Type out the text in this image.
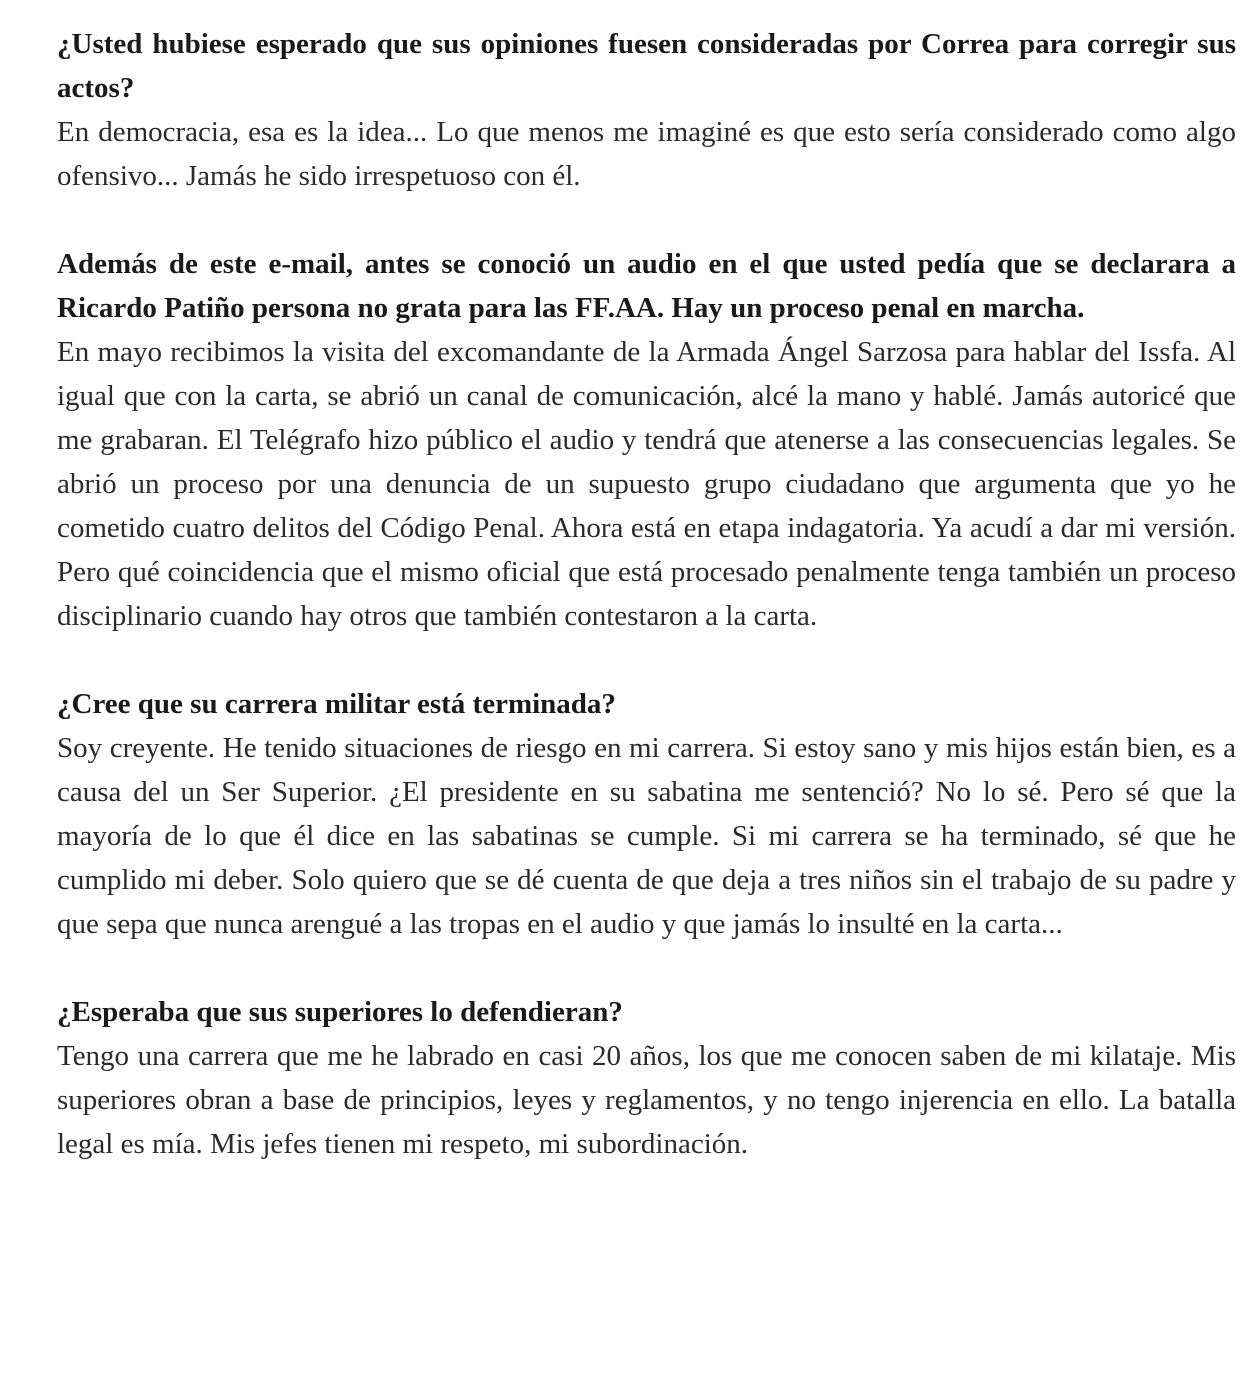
¿Usted hubiese esperado que sus opiniones fuesen consideradas por Correa para corregir sus actos?

En democracia, esa es la idea... Lo que menos me imaginé es que esto sería considerado como algo ofensivo... Jamás he sido irrespetuoso con él.

Además de este e-mail, antes se conoció un audio en el que usted pedía que se declarara a Ricardo Patiño persona no grata para las FF.AA. Hay un proceso penal en marcha.

En mayo recibimos la visita del excomandante de la Armada Ángel Sarzosa para hablar del Issfa. Al igual que con la carta, se abrió un canal de comunicación, alcé la mano y hablé. Jamás autoricé que me grabaran. El Telégrafo hizo público el audio y tendrá que atenerse a las consecuencias legales. Se abrió un proceso por una denuncia de un supuesto grupo ciudadano que argumenta que yo he cometido cuatro delitos del Código Penal. Ahora está en etapa indagatoria. Ya acudí a dar mi versión. Pero qué coincidencia que el mismo oficial que está procesado penalmente tenga también un proceso disciplinario cuando hay otros que también contestaron a la carta.

¿Cree que su carrera militar está terminada?

Soy creyente. He tenido situaciones de riesgo en mi carrera. Si estoy sano y mis hijos están bien, es a causa del un Ser Superior. ¿El presidente en su sabatina me sentenció? No lo sé. Pero sé que la mayoría de lo que él dice en las sabatinas se cumple. Si mi carrera se ha terminado, sé que he cumplido mi deber. Solo quiero que se dé cuenta de que deja a tres niños sin el trabajo de su padre y que sepa que nunca arengué a las tropas en el audio y que jamás lo insulté en la carta...

¿Esperaba que sus superiores lo defendieran?

Tengo una carrera que me he labrado en casi 20 años, los que me conocen saben de mi kilataje. Mis superiores obran a base de principios, leyes y reglamentos, y no tengo injerencia en ello. La batalla legal es mía. Mis jefes tienen mi respeto, mi subordinación.
